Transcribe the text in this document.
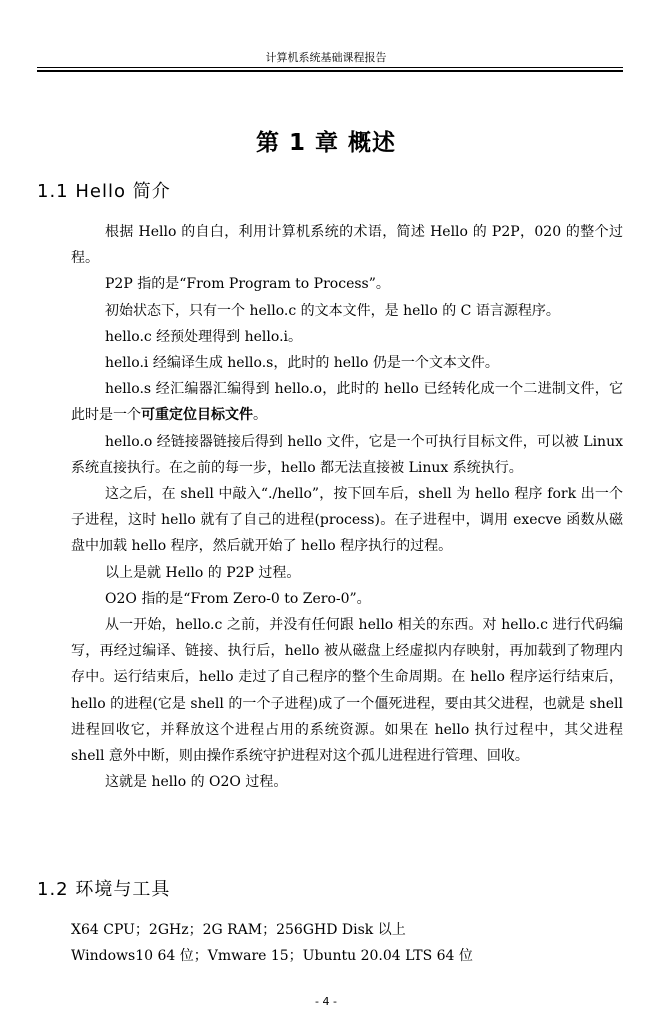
计算机系统基础课程报告
第 1 章 概述
1.1 Hello 简介

根据 Hello 的自白，利用计算机系统的术语，简述 Hello 的 P2P，020 的整个过程。

P2P 指的是“From Program to Process”。

初始状态下，只有一个 hello.c 的文本文件，是 hello 的 C 语言源程序。

hello.c 经预处理得到 hello.i。

hello.i 经编译生成 hello.s，此时的 hello 仍是一个文本文件。

hello.s 经汇编器汇编得到 hello.o，此时的 hello 已经转化成一个二进制文件，它此时是一个可重定位目标文件。

hello.o 经链接器链接后得到 hello 文件，它是一个可执行目标文件，可以被 Linux 系统直接执行。在之前的每一步，hello 都无法直接被 Linux 系统执行。

这之后，在 shell 中敲入“./hello”，按下回车后，shell 为 hello 程序 fork 出一个子进程，这时 hello 就有了自己的进程(process)。在子进程中，调用 execve 函数从磁盘中加载 hello 程序，然后就开始了 hello 程序执行的过程。

以上是就 Hello 的 P2P 过程。

O2O 指的是“From Zero-0 to Zero-0”。

从一开始，hello.c 之前，并没有任何跟 hello 相关的东西。对 hello.c 进行代码编写，再经过编译、链接、执行后，hello 被从磁盘上经虚拟内存映射，再加载到了物理内存中。运行结束后，hello 走过了自己程序的整个生命周期。在 hello 程序运行结束后，hello 的进程(它是 shell 的一个子进程)成了一个僵死进程，要由其父进程，也就是 shell 进程回收它，并释放这个进程占用的系统资源。如果在 hello 执行过程中，其父进程 shell 意外中断，则由操作系统守护进程对这个孤儿进程进行管理、回收。

这就是 hello 的 O2O 过程。

1.2 环境与工具

X64 CPU；2GHz；2G RAM；256GHD Disk 以上

Windows10 64 位；Vmware 15；Ubuntu 20.04 LTS 64 位

- 4 -
